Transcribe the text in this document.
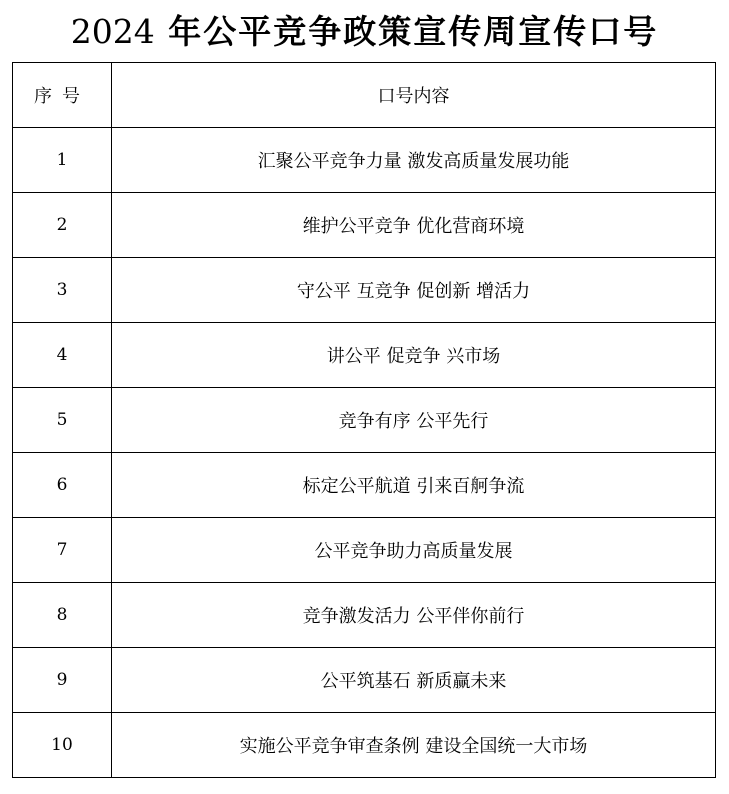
2024 年公平竞争政策宣传周宣传口号
序号	口号内容
1	汇聚公平竞争力量 激发高质量发展功能
2	维护公平竞争 优化营商环境
3	守公平 互竞争 促创新 增活力
4	讲公平 促竞争 兴市场
5	竞争有序 公平先行
6	标定公平航道 引来百舸争流
7	公平竞争助力高质量发展
8	竞争激发活力 公平伴你前行
9	公平筑基石 新质赢未来
10	实施公平竞争审查条例 建设全国统一大市场
